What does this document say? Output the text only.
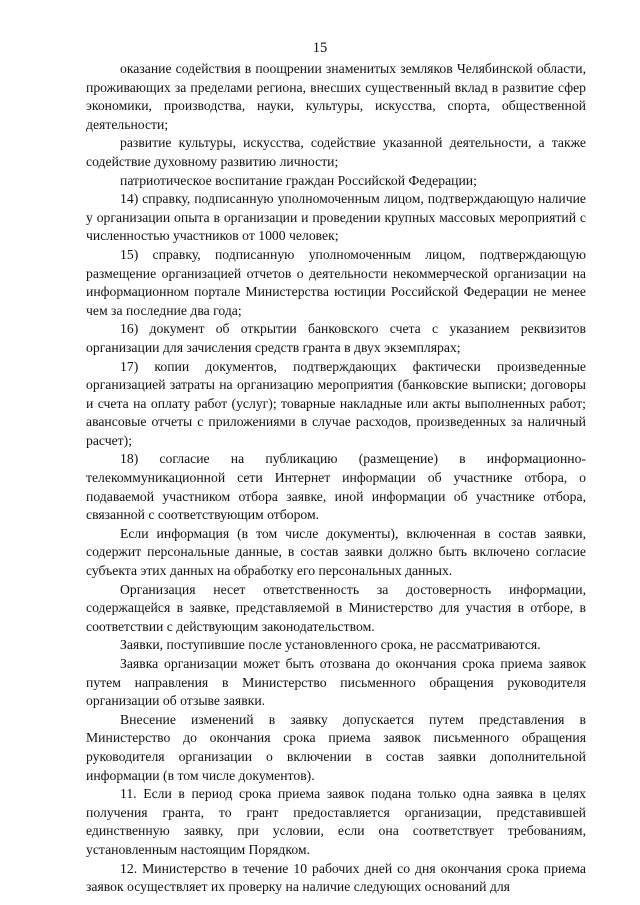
15

оказание содействия в поощрении знаменитых земляков Челябинской области, проживающих за пределами региона, внесших существенный вклад в развитие сфер экономики, производства, науки, культуры, искусства, спорта, общественной деятельности;

развитие культуры, искусства, содействие указанной деятельности, а также содействие духовному развитию личности;

патриотическое воспитание граждан Российской Федерации;

14) справку, подписанную уполномоченным лицом, подтверждающую наличие у организации опыта в организации и проведении крупных массовых мероприятий с численностью участников от 1000 человек;

15) справку, подписанную уполномоченным лицом, подтверждающую размещение организацией отчетов о деятельности некоммерческой организации на информационном портале Министерства юстиции Российской Федерации не менее чем за последние два года;

16) документ об открытии банковского счета с указанием реквизитов организации для зачисления средств гранта в двух экземплярах;

17) копии документов, подтверждающих фактически произведенные организацией затраты на организацию мероприятия (банковские выписки; договоры и счета на оплату работ (услуг); товарные накладные или акты выполненных работ; авансовые отчеты с приложениями в случае расходов, произведенных за наличный расчет);

18) согласие на публикацию (размещение) в информационно-телекоммуникационной сети Интернет информации об участнике отбора, о подаваемой участником отбора заявке, иной информации об участнике отбора, связанной с соответствующим отбором.

Если информация (в том числе документы), включенная в состав заявки, содержит персональные данные, в состав заявки должно быть включено согласие субъекта этих данных на обработку его персональных данных.

Организация несет ответственность за достоверность информации, содержащейся в заявке, представляемой в Министерство для участия в отборе, в соответствии с действующим законодательством.

Заявки, поступившие после установленного срока, не рассматриваются.

Заявка организации может быть отозвана до окончания срока приема заявок путем направления в Министерство письменного обращения руководителя организации об отзыве заявки.

Внесение изменений в заявку допускается путем представления в Министерство до окончания срока приема заявок письменного обращения руководителя организации о включении в состав заявки дополнительной информации (в том числе документов).

11. Если в период срока приема заявок подана только одна заявка в целях получения гранта, то грант предоставляется организации, представившей единственную заявку, при условии, если она соответствует требованиям, установленным настоящим Порядком.

12. Министерство в течение 10 рабочих дней со дня окончания срока приема заявок осуществляет их проверку на наличие следующих оснований для
